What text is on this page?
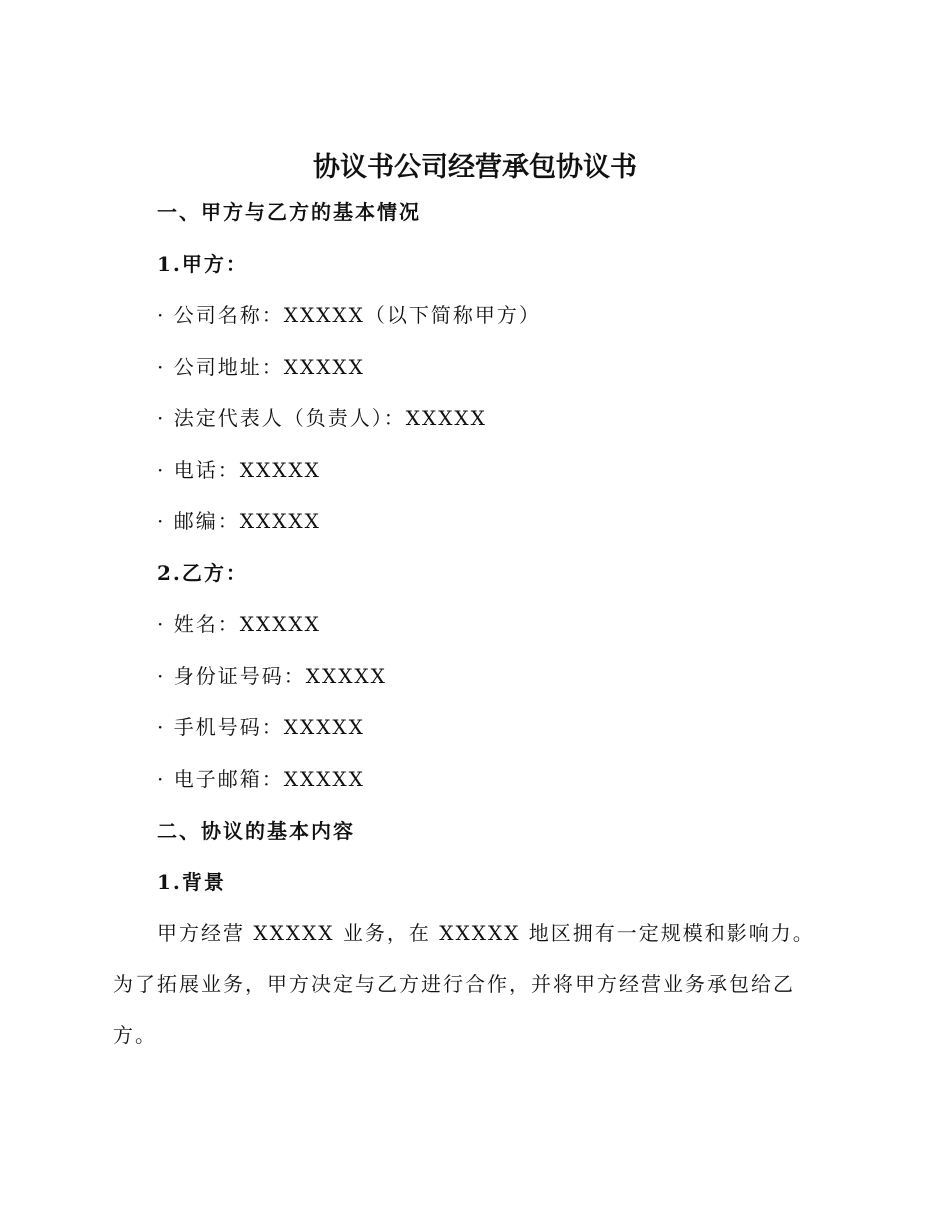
协议书公司经营承包协议书
一、甲方与乙方的基本情况
1.甲方：
· 公司名称：XXXXX（以下简称甲方）
· 公司地址：XXXXX
· 法定代表人（负责人）：XXXXX
· 电话：XXXXX
· 邮编：XXXXX
2.乙方：
· 姓名：XXXXX
· 身份证号码：XXXXX
· 手机号码：XXXXX
· 电子邮箱：XXXXX
二、协议的基本内容
1.背景
甲方经营 XXXXX 业务，在 XXXXX 地区拥有一定规模和影响力。为了拓展业务，甲方决定与乙方进行合作，并将甲方经营业务承包给乙方。
